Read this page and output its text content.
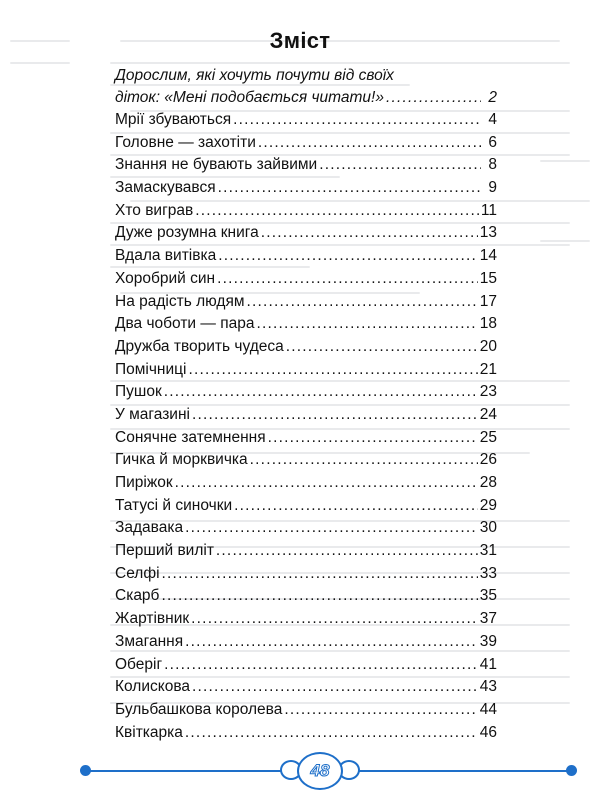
Зміст
Дорослим, які хочуть почути від своїх
діток: «Мені подобається читати!» .....	2
Мрії збуваються .....	4
Головне — захотіти .....	6
Знання не бувають зайвими .....	8
Замаскувався .....	9
Хто виграв .....	11
Дуже розумна книга .....	13
Вдала витівка .....	14
Хоробрий син .....	15
На радість людям .....	17
Два чоботи — пара .....	18
Дружба творить чудеса .....	20
Помічниці .....	21
Пушок .....	23
У магазині .....	24
Сонячне затемнення .....	25
Гичка й морквичка .....	26
Пиріжок .....	28
Татусі й синочки .....	29
Задавака .....	30
Перший виліт .....	31
Селфі .....	33
Скарб .....	35
Жартівник .....	37
Змагання .....	39
Оберіг .....	41
Колискова .....	43
Бульбашкова королева .....	44
Квіткарка .....	46
48
